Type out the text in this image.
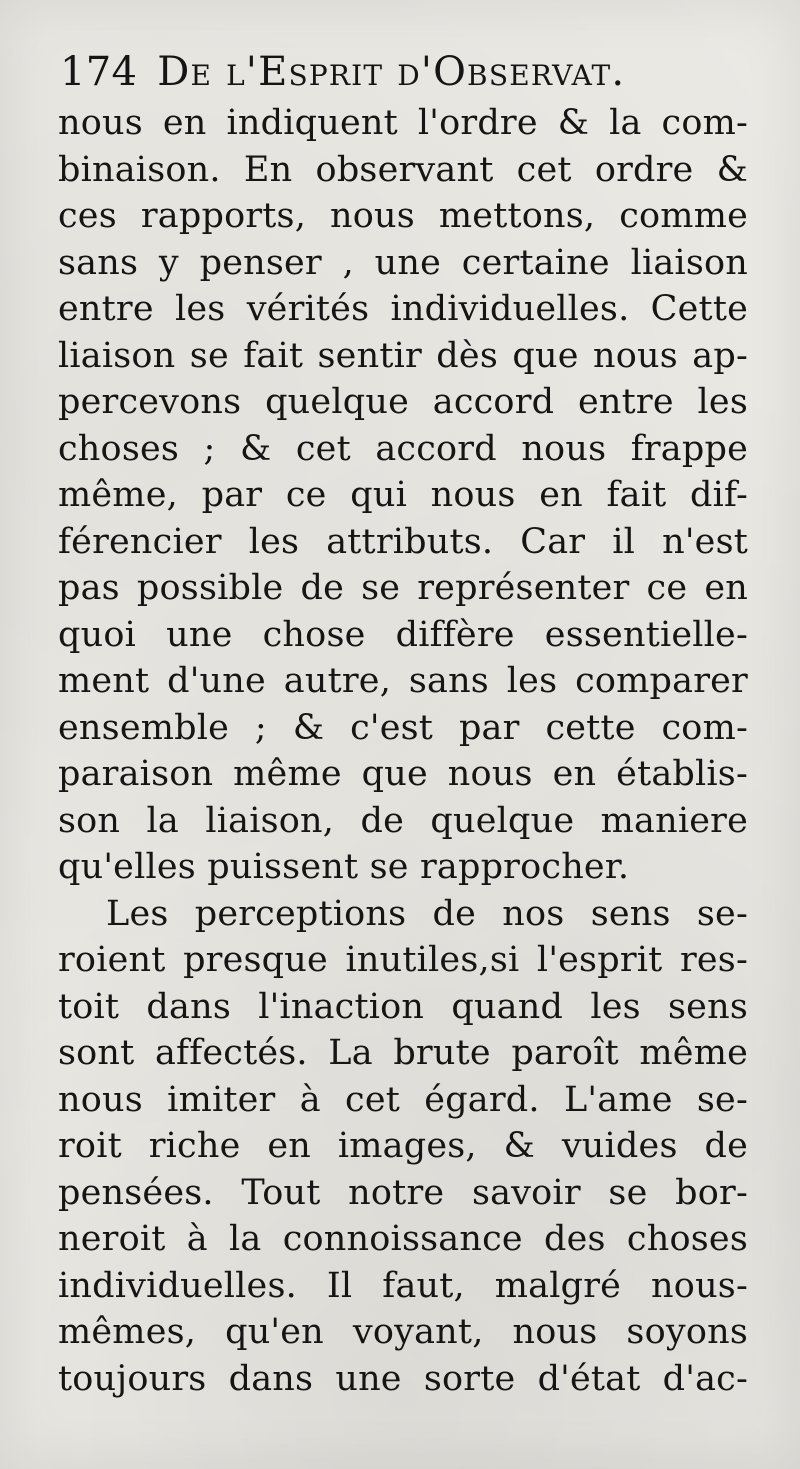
174 De l'Esprit d'Observat.
nous en indiquent l'ordre & la com-
binaison. En observant cet ordre &
ces rapports, nous mettons, comme
sans y penser , une certaine liaison
entre les vérités individuelles. Cette
liaison se fait sentir dès que nous ap-
percevons quelque accord entre les
choses ; & cet accord nous frappe
même, par ce qui nous en fait dif-
férencier les attributs. Car il n'est
pas possible de se représenter ce en
quoi une chose diffère essentielle-
ment d'une autre, sans les comparer
ensemble ; & c'est par cette com-
paraison même que nous en établis-
son la liaison, de quelque maniere
qu'elles puissent se rapprocher.
Les perceptions de nos sens se-
roient presque inutiles,si l'esprit res-
toit dans l'inaction quand les sens
sont affectés. La brute paroît même
nous imiter à cet égard. L'ame se-
roit riche en images, & vuides de
pensées. Tout notre savoir se bor-
neroit à la connoissance des choses
individuelles. Il faut, malgré nous-
mêmes, qu'en voyant, nous soyons
toujours dans une sorte d'état d'ac-
